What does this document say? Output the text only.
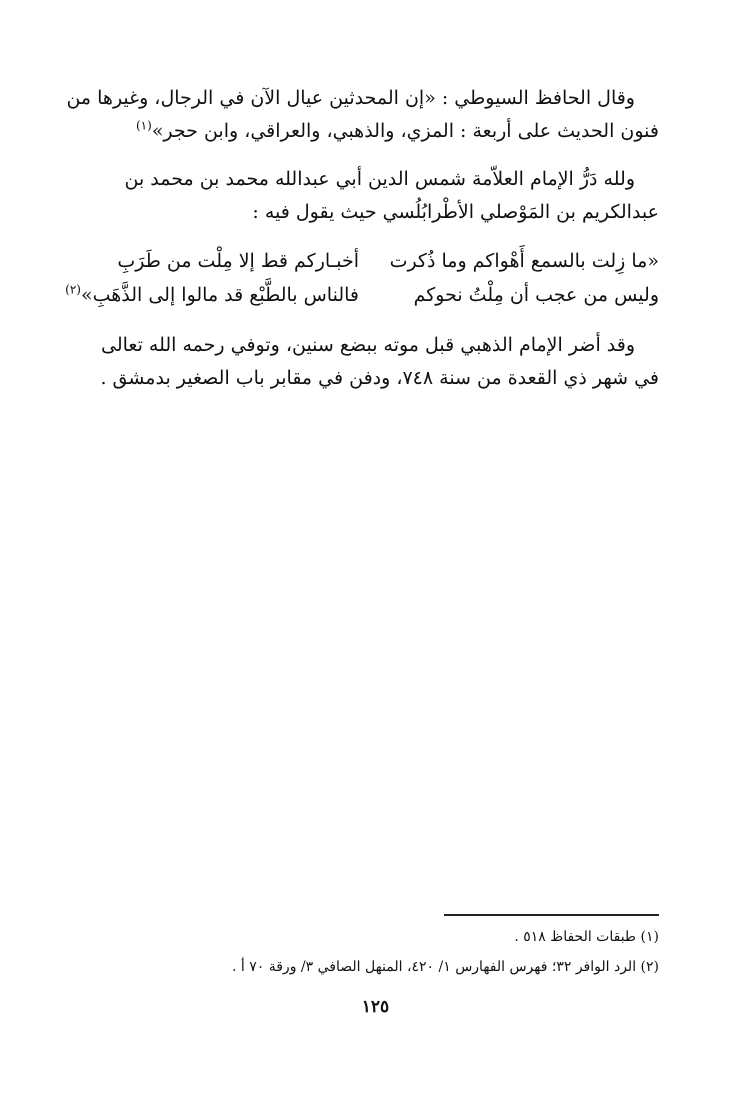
وقال الحافظ السيوطي : «إن المحدثين عيال الآن في الرجال، وغيرها من
فنون الحديث على أربعة : المزي، والذهبي، والعراقي، وابن حجر»$^{(١)}$
ولله دَرُّ الإمام العلاّمة شمس الدين أبي عبدالله محمد بن محمد بن
عبدالكريم بن المَوْصلي الأطْرابُلُسي حيث يقول فيه :
«ما زِلت بالسمع أَهْواكم وما ذُكرت
أخبـاركم قط إلا مِلْت من طَرَبِ
وليس من عجب أن مِلْتُ نحوكم
فالناس بالطَّبْع قد مالوا إلى الذَّهَبِ»$^{(٢)}$
وقد أضر الإمام الذهبي قبل موته ببضع سنين، وتوفي رحمه الله تعالى
في شهر ذي القعدة من سنة ٧٤٨، ودفن في مقابر باب الصغير بدمشق .
(١) طبقات الحفاظ ٥١٨ .
(٢) الرد الوافر ٣٢؛ فهرس الفهارس ١/ ٤٢٠، المنهل الصافي ٣/ ورقة ٧٠ أ .
١٢٥
